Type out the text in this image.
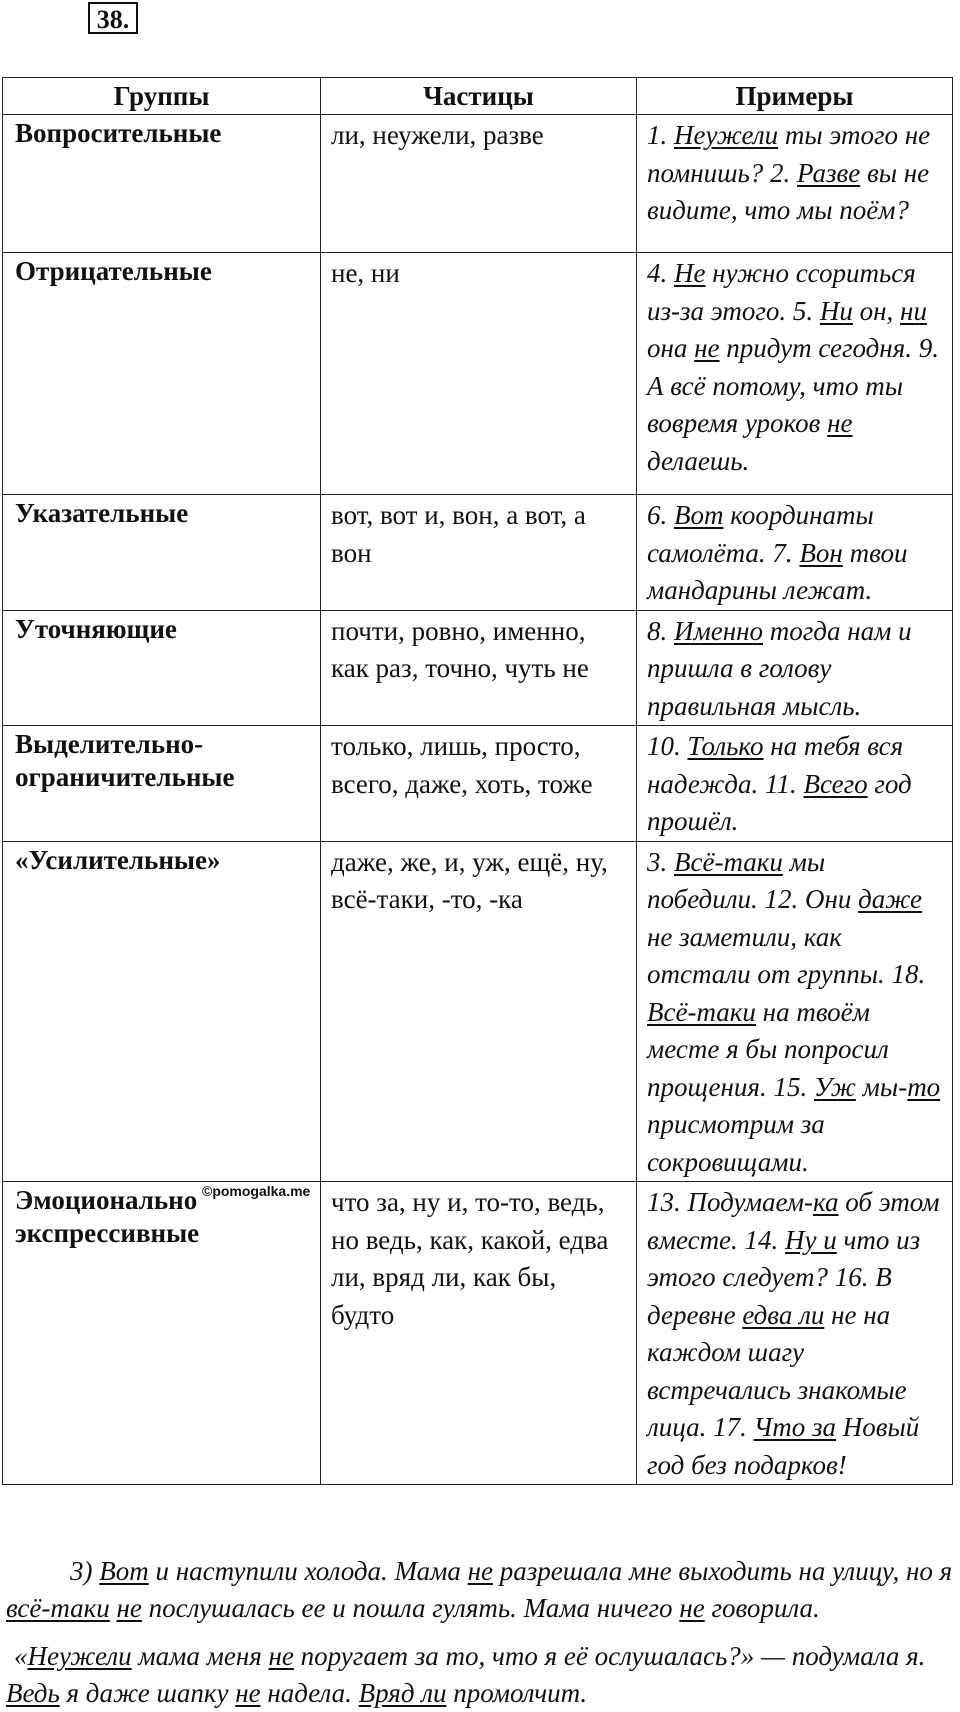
38.
Группы	Частицы	Примеры
Вопросительные	ли, неужели, разве	1. Неужели ты этого не помнишь? 2. Разве вы не видите, что мы поём?
Отрицательные	не, ни	4. Не нужно ссориться из-за этого. 5. Ни он, ни она не придут сегодня. 9. А всё потому, что ты вовремя уроков не делаешь.
Указательные	вот, вот и, вон, а вот, а вон	6. Вот координаты самолёта. 7. Вон твои мандарины лежат.
Уточняющие	почти, ровно, именно, как раз, точно, чуть не	8. Именно тогда нам и пришла в голову правильная мысль.
Выделительно-ограничительные	только, лишь, просто, всего, даже, хоть, тоже	10. Только на тебя вся надежда. 11. Всего год прошёл.
«Усилительные»	даже, же, и, уж, ещё, ну, всё-таки, -то, -ка	3. Всё-таки мы победили. 12. Они даже не заметили, как отстали от группы. 18. Всё-таки на твоём месте я бы попросил прощения. 15. Уж мы-то присмотрим за сокровищами.
Эмоционально экспрессивные	что за, ну и, то-то, ведь, но ведь, как, какой, едва ли, вряд ли, как бы, будто	13. Подумаем-ка об этом вместе. 14. Ну и что из этого следует? 16. В деревне едва ли не на каждом шагу встречались знакомые лица. 17. Что за Новый год без подарков!
©pomogalka.me
3) Вот и наступили холода. Мама не разрешала мне выходить на улицу, но я всё-таки не послушалась ее и пошла гулять. Мама ничего не говорила.
«Неужели мама меня не поругает за то, что я её ослушалась?» — подумала я. Ведь я даже шапку не надела. Вряд ли промолчит.
